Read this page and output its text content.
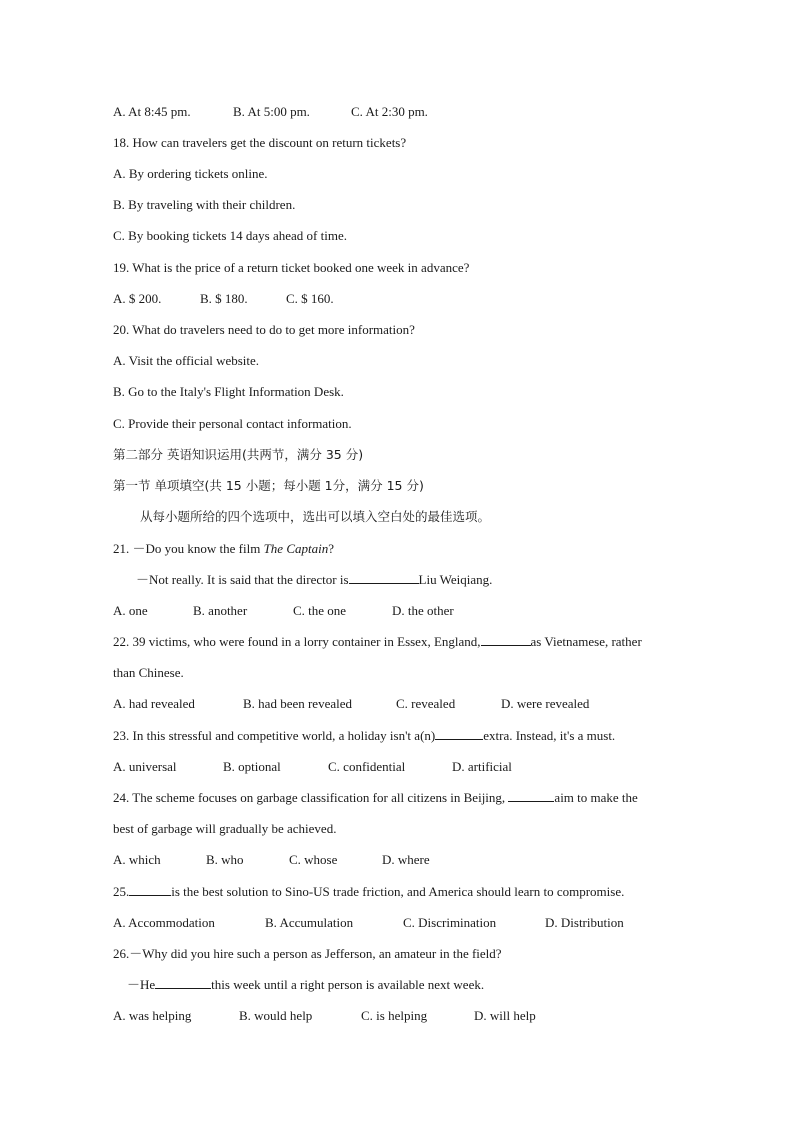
A. At 8:45 pm.	B. At 5:00 pm.	C. At 2:30 pm.
18. How can travelers get the discount on return tickets?
A. By ordering tickets online.
B. By traveling with their children.
C. By booking tickets 14 days ahead of time.
19. What is the price of a return ticket booked one week in advance?
A. $ 200.	B. $ 180.	C. $ 160.
20. What do travelers need to do to get more information?
A. Visit the official website.
B. Go to the Italy's Flight Information Desk.
C. Provide their personal contact information.
第二部分 英语知识运用(共两节，满分 35 分)
第一节 单项填空(共 15 小题；每小题 1分，满分 15 分)
从每小题所给的四个选项中，选出可以填入空白处的最佳选项。
21. －Do you know the film The Captain?
－Not really. It is said that the director is	Liu Weiqiang.
A. one	B. another	C. the one	D. the other
22. 39 victims, who were found in a lorry container in Essex, England,	as Vietnamese, rather
than Chinese.
A. had revealed	B. had been revealed	C. revealed	D. were revealed
23. In this stressful and competitive world, a holiday isn't a(n)	extra. Instead, it's a must.
A. universal	B. optional	C. confidential	D. artificial
24. The scheme focuses on garbage classification for all citizens in Beijing,	aim to make the
best of garbage will gradually be achieved.
A. which	B. who	C. whose	D. where
25.	is the best solution to Sino-US trade friction, and America should learn to compromise.
A. Accommodation	B. Accumulation	C. Discrimination	D. Distribution
26.－Why did you hire such a person as Jefferson, an amateur in the field?
－He	this week until a right person is available next week.
A. was helping	B. would help	C. is helping	D. will help
